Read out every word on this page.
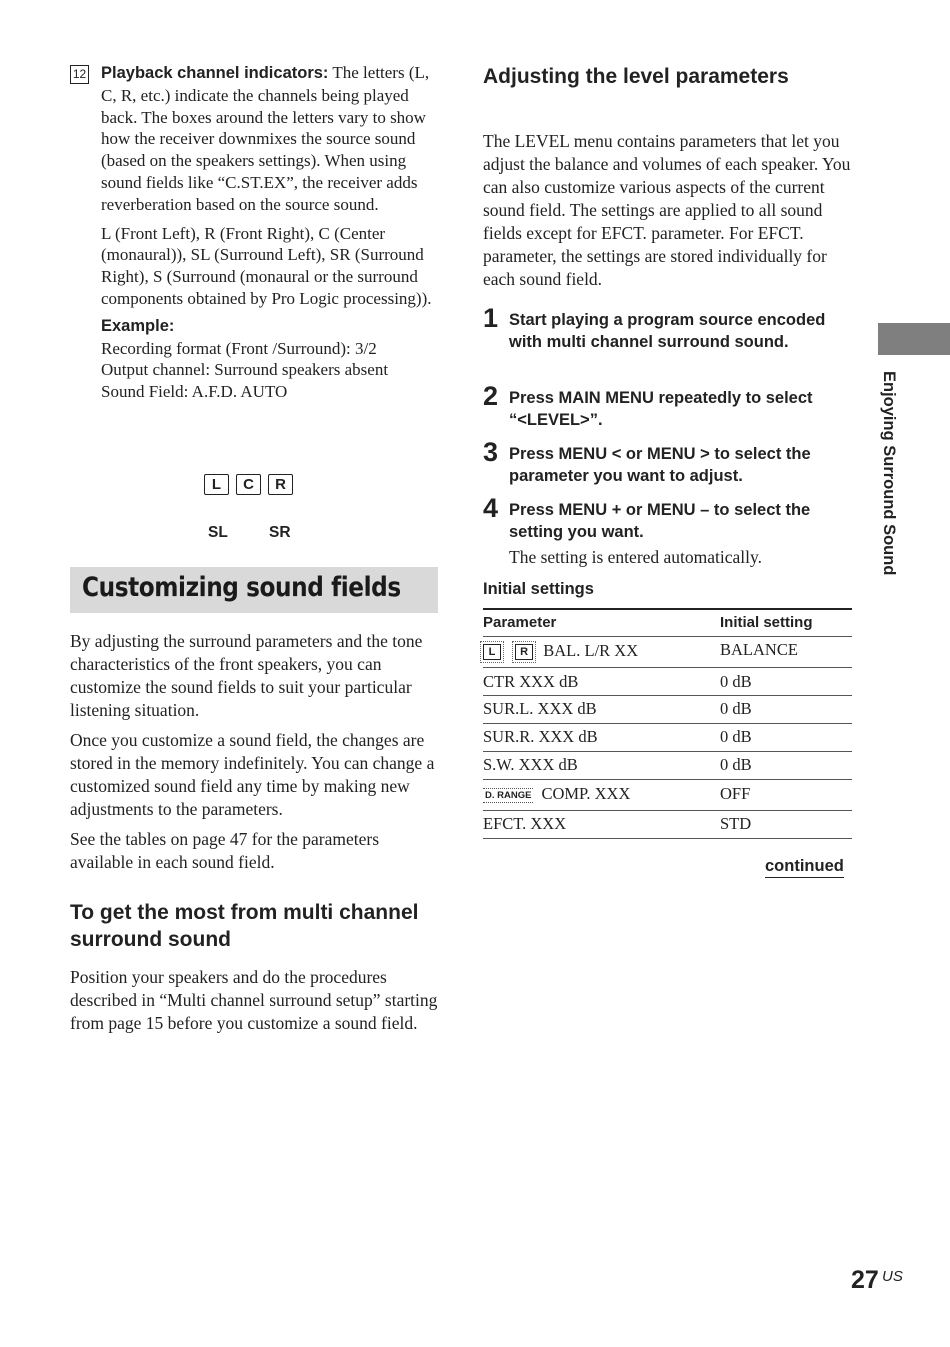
12 Playback channel indicators: The letters (L, C, R, etc.) indicate the channels being played back. The boxes around the letters vary to show how the receiver downmixes the source sound (based on the speakers settings). When using sound fields like “C.ST.EX”, the receiver adds reverberation based on the source sound.

L (Front Left), R (Front Right), C (Center (monaural)), SL (Surround Left), SR (Surround Right), S (Surround (monaural or the surround components obtained by Pro Logic processing)).

Example:
Recording format (Front /Surround): 3/2
Output channel: Surround speakers absent
Sound Field: A.F.D. AUTO
L	C	R
SL	SR
Customizing sound fields

By adjusting the surround parameters and the tone characteristics of the front speakers, you can customize the sound fields to suit your particular listening situation.

Once you customize a sound field, the changes are stored in the memory indefinitely. You can change a customized sound field any time by making new adjustments to the parameters.

See the tables on page 47 for the parameters available in each sound field.

To get the most from multi channel surround sound
Position your speakers and do the procedures described in “Multi channel surround setup” starting from page 15 before you customize a sound field.
Adjusting the level parameters
The LEVEL menu contains parameters that let you adjust the balance and volumes of each speaker. You can also customize various aspects of the current sound field. The settings are applied to all sound fields except for EFCT. parameter. For EFCT. parameter, the settings are stored individually for each sound field.
1 Start playing a program source encoded with multi channel surround sound.
2 Press MAIN MENU repeatedly to select “<LEVEL>”.
3 Press MENU < or MENU > to select the parameter you want to adjust.
4 Press MENU + or MENU – to select the setting you want.
The setting is entered automatically.
Initial settings
Parameter	Initial setting
L R BAL. L/R XX	BALANCE
CTR XXX dB	0 dB
SUR.L. XXX dB	0 dB
SUR.R. XXX dB	0 dB
S.W. XXX dB	0 dB
D. RANGE COMP. XXX	OFF
EFCT. XXX	STD
continued
Enjoying Surround Sound
27 US
